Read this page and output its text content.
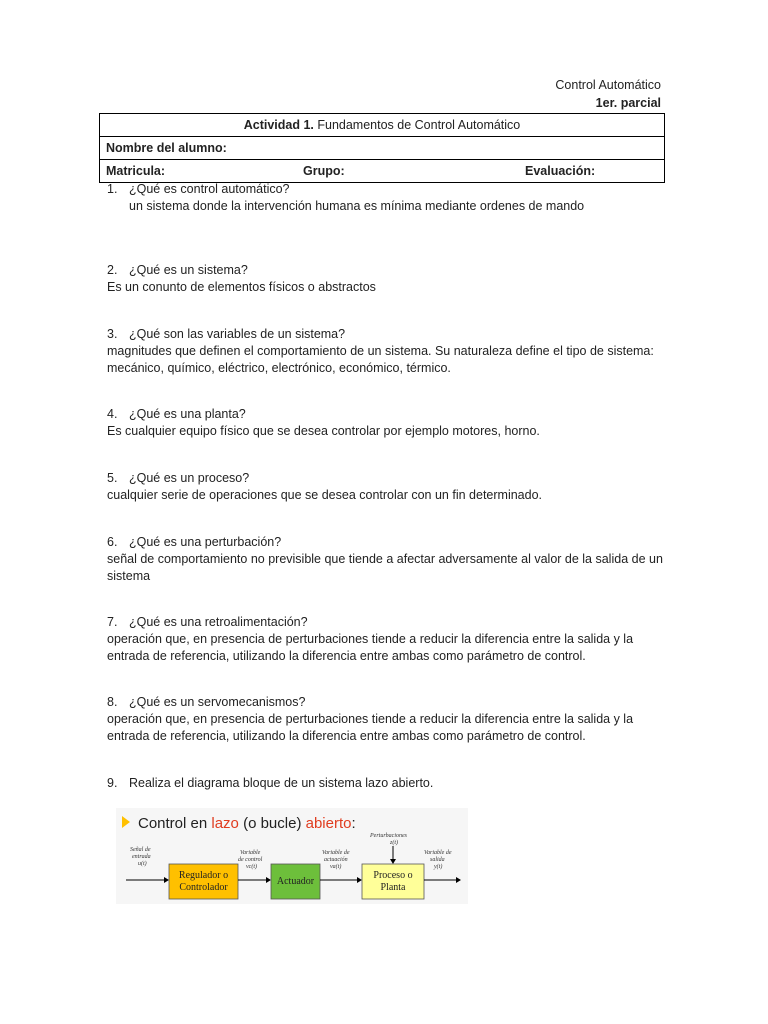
Control Automático
1er. parcial
Actividad 1. Fundamentos de Control Automático
Nombre del alumno:
Matricula:	Grupo:	Evaluación:
1. ¿Qué es control automático?
un sistema donde la intervención humana es mínima mediante ordenes de mando
2. ¿Qué es un sistema?
Es un conunto de elementos físicos o abstractos
3. ¿Qué son las variables de un sistema?
magnitudes que definen el comportamiento de un sistema. Su naturaleza define el tipo de sistema: mecánico, químico, eléctrico, electrónico, económico, térmico.
4. ¿Qué es una planta?
Es cualquier equipo físico que se desea controlar por ejemplo motores, horno.
5. ¿Qué es un proceso?
cualquier serie de operaciones que se desea controlar con un fin determinado.
6. ¿Qué es una perturbación?
señal de comportamiento no previsible que tiende a afectar adversamente al valor de la salida de un sistema
7. ¿Qué es una retroalimentación?
operación que, en presencia de perturbaciones tiende a reducir la diferencia entre la salida y la entrada de referencia, utilizando la diferencia entre ambas como parámetro de control.
8. ¿Qué es un servomecanismos?
operación que, en presencia de perturbaciones tiende a reducir la diferencia entre la salida y la entrada de referencia, utilizando la diferencia entre ambas como parámetro de control.
9. Realiza el diagrama bloque de un sistema lazo abierto.
Control en lazo (o bucle) abierto:
Señal de
entrada
u(t)
Variable
de control
vc(t)
Variable de
actuación
va(t)
Perturbaciones
z(t)
Variable de
salida
y(t)
Regulador o
Controlador
Actuador
Proceso o
Planta
